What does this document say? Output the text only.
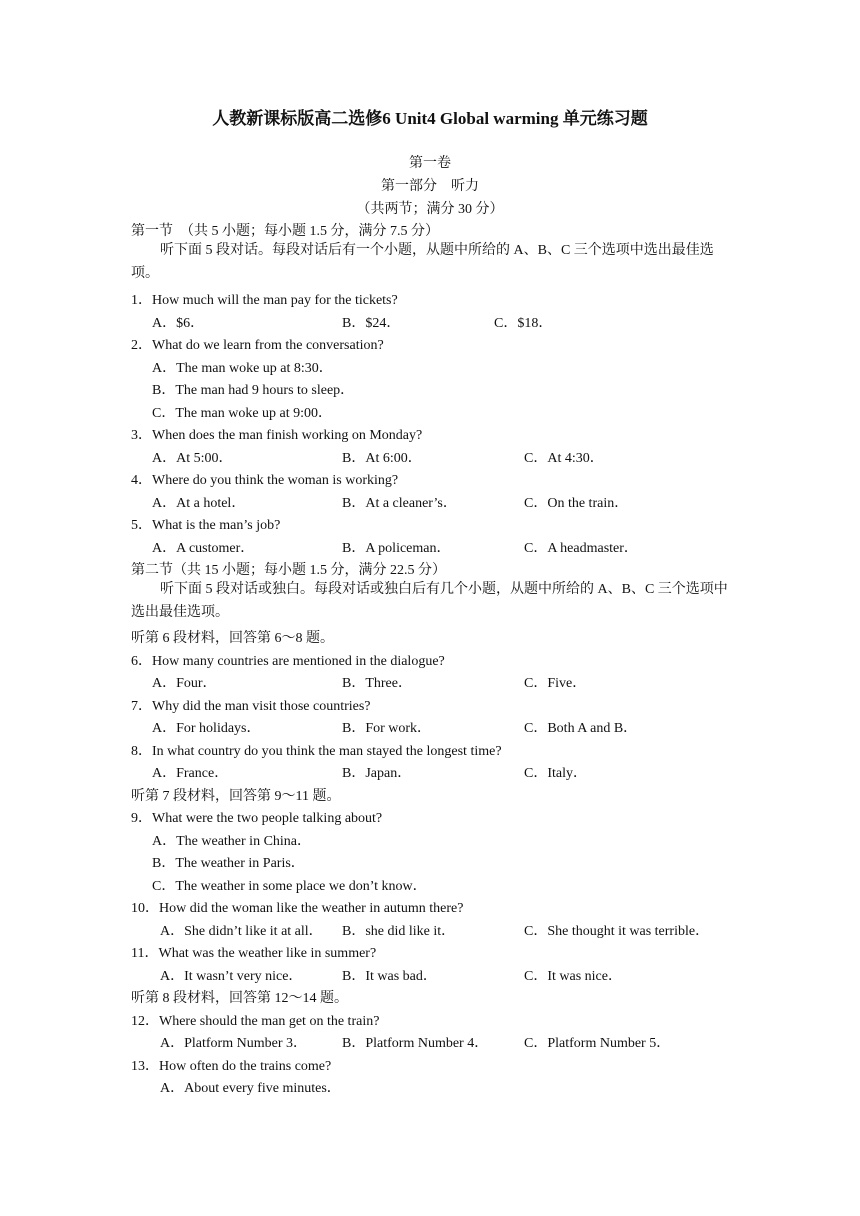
人教新课标版高二选修6 Unit4 Global warming 单元练习题
第一卷
第一部分　听力
（共两节；满分 30 分）
第一节　（共 5 小题；每小题 1.5 分，满分 7.5 分）
听下面 5 段对话。每段对话后有一个小题，从题中所给的 A、B、C 三个选项中选出最佳选项。
1．How much will the man pay for the tickets?
A．$6．	B．$24．	C．$18．
2．What do we learn from the conversation?
A．The man woke up at 8:30．
B．The man had 9 hours to sleep．
C．The man woke up at 9:00．
3．When does the man finish working on Monday?
A．At 5:00．	B．At 6:00．	C．At 4:30．
4．Where do you think the woman is working?
A．At a hotel．	B．At a cleaner’s．	C．On the train．
5．What is the man’s job?
A．A customer．	B．A policeman．	C．A headmaster．
第二节（共 15 小题；每小题 1.5 分，满分 22.5 分）
听下面 5 段对话或独白。每段对话或独白后有几个小题，从题中所给的 A、B、C 三个选项中选出最佳选项。
听第 6 段材料，回答第 6～8 题。
6．How many countries are mentioned in the dialogue?
A．Four．	B．Three．	C．Five．
7．Why did the man visit those countries?
A．For holidays．	B．For work．	C．Both A and B．
8．In what country do you think the man stayed the longest time?
A．France．	B．Japan．	C．Italy．
听第 7 段材料，回答第 9～11 题。
9．What were the two people talking about?
A．The weather in China．
B．The weather in Paris．
C．The weather in some place we don’t know．
10．How did the woman like the weather in autumn there?
A．She didn’t like it at all． B．she did like it．	C．She thought it was terrible．
11．What was the weather like in summer?
A．It wasn’t very nice．	B．It was bad．	C．It was nice．
听第 8 段材料，回答第 12～14 题。
12．Where should the man get on the train?
A．Platform Number 3．	B．Platform Number 4．	C．Platform Number 5．
13．How often do the trains come?
A．About every five minutes．
